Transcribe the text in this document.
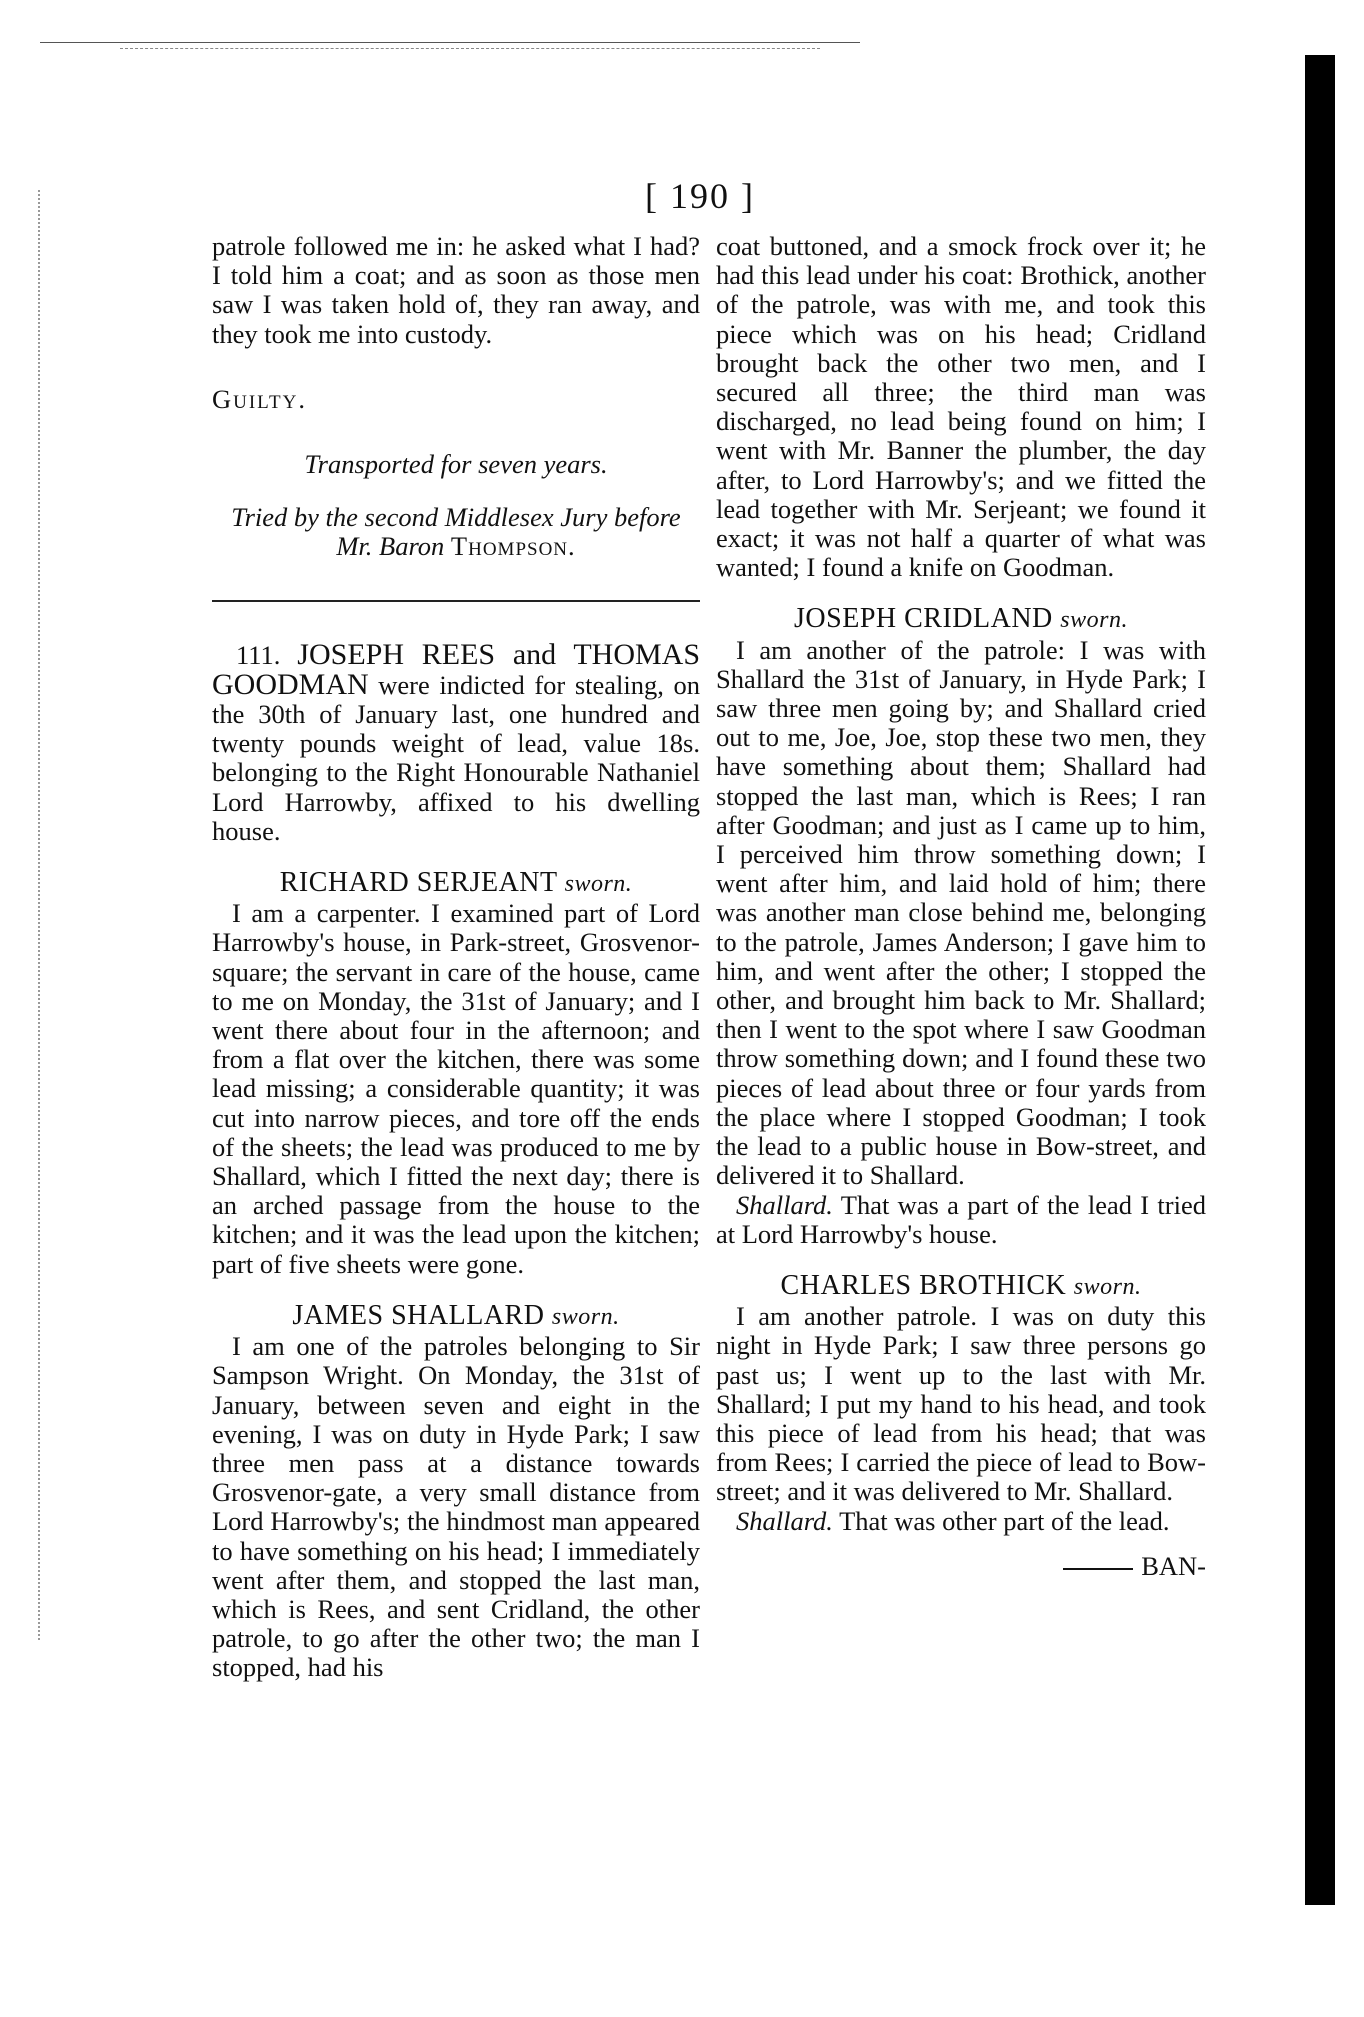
[ 190 ]

patrole followed me in: he asked what I had? I told him a coat; and as soon as those men saw I was taken hold of, they ran away, and they took me into custody.

Guilty.

Transported for seven years.

Tried by the second Middlesex Jury before Mr. Baron Thompson.

111. JOSEPH REES and THOMAS GOODMAN were indicted for stealing, on the 30th of January last, one hundred and twenty pounds weight of lead, value 18s. belonging to the Right Honourable Nathaniel Lord Harrowby, affixed to his dwelling house.

RICHARD SERJEANT sworn.

I am a carpenter. I examined part of Lord Harrowby's house, in Park-street, Grosvenor-square; the servant in care of the house, came to me on Monday, the 31st of January; and I went there about four in the afternoon; and from a flat over the kitchen, there was some lead missing; a considerable quantity; it was cut into narrow pieces, and tore off the ends of the sheets; the lead was produced to me by Shallard, which I fitted the next day; there is an arched passage from the house to the kitchen; and it was the lead upon the kitchen; part of five sheets were gone.

JAMES SHALLARD sworn.

I am one of the patroles belonging to Sir Sampson Wright. On Monday, the 31st of January, between seven and eight in the evening, I was on duty in Hyde Park; I saw three men pass at a distance towards Grosvenor-gate, a very small distance from Lord Harrowby's; the hindmost man appeared to have something on his head; I immediately went after them, and stopped the last man, which is Rees, and sent Cridland, the other patrole, to go after the other two; the man I stopped, had his

coat buttoned, and a smock frock over it; he had this lead under his coat: Brothick, another of the patrole, was with me, and took this piece which was on his head; Cridland brought back the other two men, and I secured all three; the third man was discharged, no lead being found on him; I went with Mr. Banner the plumber, the day after, to Lord Harrowby's; and we fitted the lead together with Mr. Serjeant; we found it exact; it was not half a quarter of what was wanted; I found a knife on Goodman.

JOSEPH CRIDLAND sworn.

I am another of the patrole: I was with Shallard the 31st of January, in Hyde Park; I saw three men going by; and Shallard cried out to me, Joe, Joe, stop these two men, they have something about them; Shallard had stopped the last man, which is Rees; I ran after Goodman; and just as I came up to him, I perceived him throw something down; I went after him, and laid hold of him; there was another man close behind me, belonging to the patrole, James Anderson; I gave him to him, and went after the other; I stopped the other, and brought him back to Mr. Shallard; then I went to the spot where I saw Goodman throw something down; and I found these two pieces of lead about three or four yards from the place where I stopped Goodman; I took the lead to a public house in Bow-street, and delivered it to Shallard.

Shallard. That was a part of the lead I tried at Lord Harrowby's house.

CHARLES BROTHICK sworn.

I am another patrole. I was on duty this night in Hyde Park; I saw three persons go past us; I went up to the last with Mr. Shallard; I put my hand to his head, and took this piece of lead from his head; that was from Rees; I carried the piece of lead to Bow-street; and it was delivered to Mr. Shallard.

Shallard. That was other part of the lead.

BAN-
